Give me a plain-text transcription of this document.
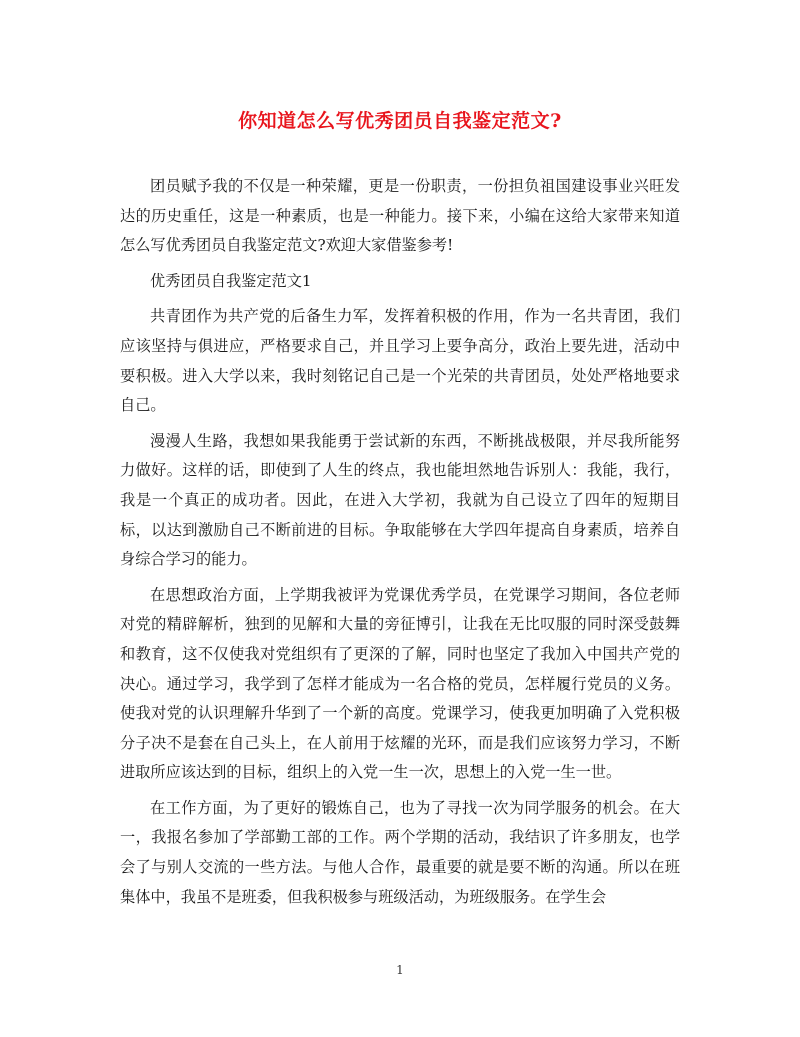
你知道怎么写优秀团员自我鉴定范文?

团员赋予我的不仅是一种荣耀，更是一份职责，一份担负祖国建设事业兴旺发达的历史重任，这是一种素质，也是一种能力。接下来，小编在这给大家带来知道怎么写优秀团员自我鉴定范文?欢迎大家借鉴参考!

优秀团员自我鉴定范文1

共青团作为共产党的后备生力军，发挥着积极的作用，作为一名共青团，我们应该坚持与俱进应，严格要求自己，并且学习上要争高分，政治上要先进，活动中要积极。进入大学以来，我时刻铭记自己是一个光荣的共青团员，处处严格地要求自己。

漫漫人生路，我想如果我能勇于尝试新的东西，不断挑战极限，并尽我所能努力做好。这样的话，即使到了人生的终点，我也能坦然地告诉别人：我能，我行，我是一个真正的成功者。因此，在进入大学初，我就为自己设立了四年的短期目标，以达到激励自己不断前进的目标。争取能够在大学四年提高自身素质，培养自身综合学习的能力。

在思想政治方面，上学期我被评为党课优秀学员，在党课学习期间，各位老师对党的精辟解析，独到的见解和大量的旁征博引，让我在无比叹服的同时深受鼓舞和教育，这不仅使我对党组织有了更深的了解，同时也坚定了我加入中国共产党的决心。通过学习，我学到了怎样才能成为一名合格的党员，怎样履行党员的义务。使我对党的认识理解升华到了一个新的高度。党课学习，使我更加明确了入党积极分子决不是套在自己头上，在人前用于炫耀的光环，而是我们应该努力学习，不断进取所应该达到的目标，组织上的入党一生一次，思想上的入党一生一世。

在工作方面，为了更好的锻炼自己，也为了寻找一次为同学服务的机会。在大一，我报名参加了学部勤工部的工作。两个学期的活动，我结识了许多朋友，也学会了与别人交流的一些方法。与他人合作，最重要的就是要不断的沟通。所以在班集体中，我虽不是班委，但我积极参与班级活动，为班级服务。在学生会

1
